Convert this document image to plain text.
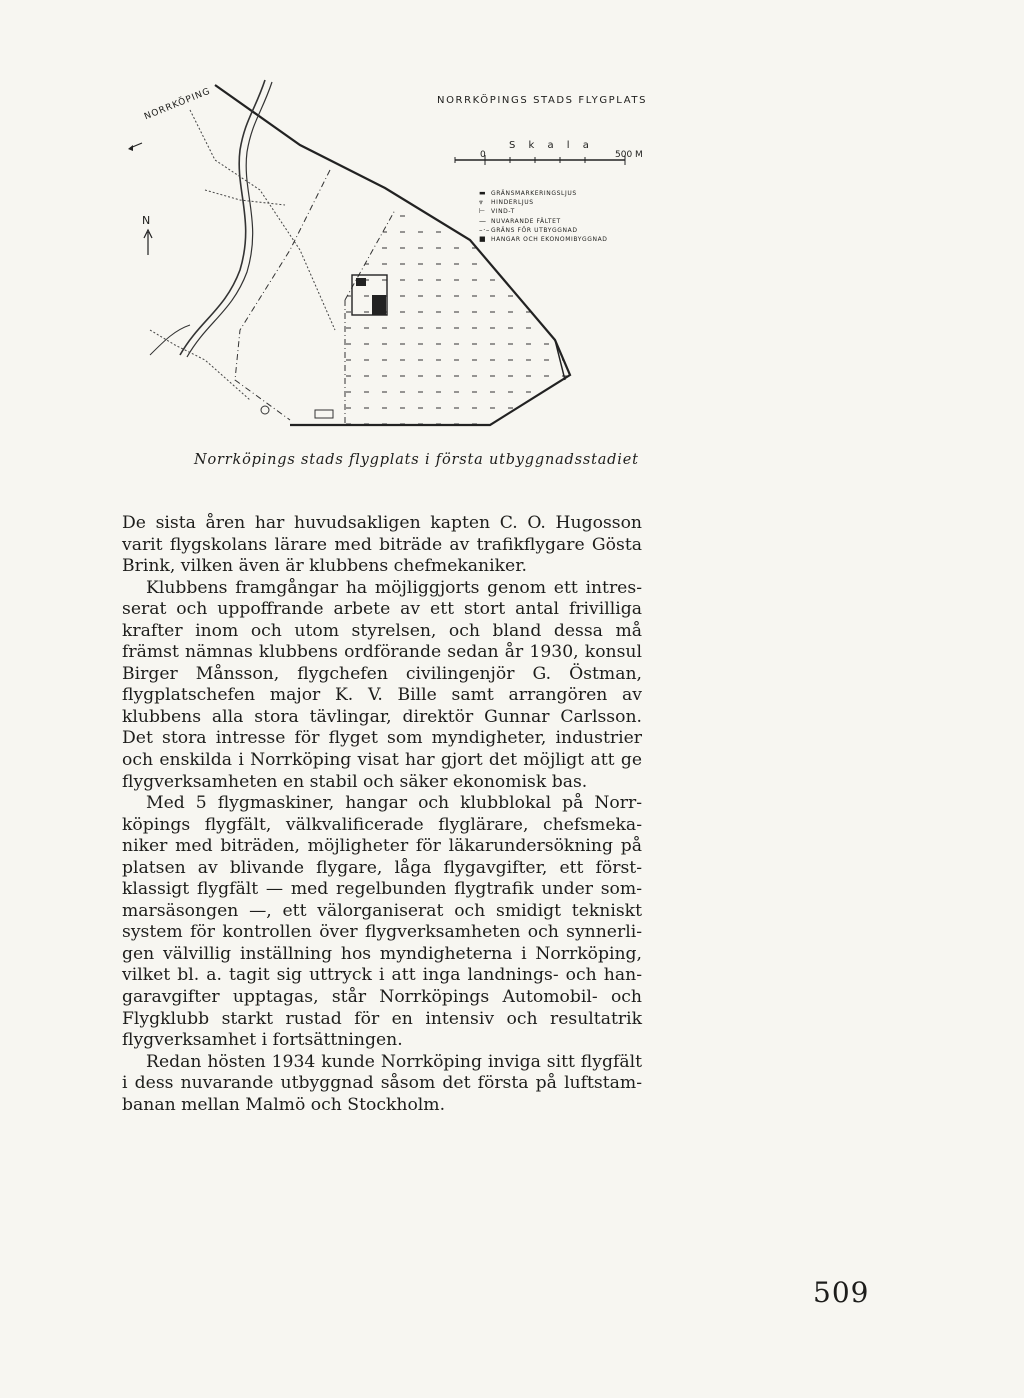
NORRKÖPINGS STADS FLYGPLATS
S k a l a
0	500 M
▬ GRÄNSMARKERINGSLJUS
⩔	HINDERLJUS
⊢ VIND-T
— NUVARANDE FÄLTET
–·– GRÄNS FÖR UTBYGGNAD
■ HANGAR OCH EKONOMIBYGGNAD
N
NORRKÖPING
Norrköpings stads flygplats i första utbyggnadsstadiet

De sista åren har huvudsakligen kapten C. O. Hugosson varit flygskolans lärare med biträde av trafikflygare Gösta Brink, vilken även är klubbens chefmekaniker.

Klubbens framgångar ha möjliggjorts genom ett intresserat och uppoffrande arbete av ett stort antal frivilliga krafter inom och utom styrelsen, och bland dessa må främst nämnas klubbens ordförande sedan år 1930, konsul Birger Månsson, flygchefen civilingenjör G. Östman, flygplatschefen major K. V. Bille samt arrangören av klubbens alla stora tävlingar, direktör Gunnar Carlsson. Det stora intresse för flyget som myndigheter, industrier och enskilda i Norrköping visat har gjort det möjligt att ge flygverksamheten en stabil och säker ekonomisk bas.

Med 5 flygmaskiner, hangar och klubblokal på Norrköpings flygfält, välkvalificerade flyglärare, chefsmekaniker med biträden, möjligheter för läkarundersökning på platsen av blivande flygare, låga flygavgifter, ett förstklassigt flygfält — med regelbunden flygtrafik under sommarsäsongen —, ett välorganiserat och smidigt tekniskt system för kontrollen över flygverksamheten och synnerligen välvillig inställning hos myndigheterna i Norrköping, vilket bl. a. tagit sig uttryck i att inga landnings- och hangaravgifter upptagas, står Norrköpings Automobil- och Flygklubb starkt rustad för en intensiv och resultatrik flygverksamhet i fortsättningen.

Redan hösten 1934 kunde Norrköping inviga sitt flygfält i dess nuvarande utbyggnad såsom det första på luftstambanan mellan Malmö och Stockholm.

509
